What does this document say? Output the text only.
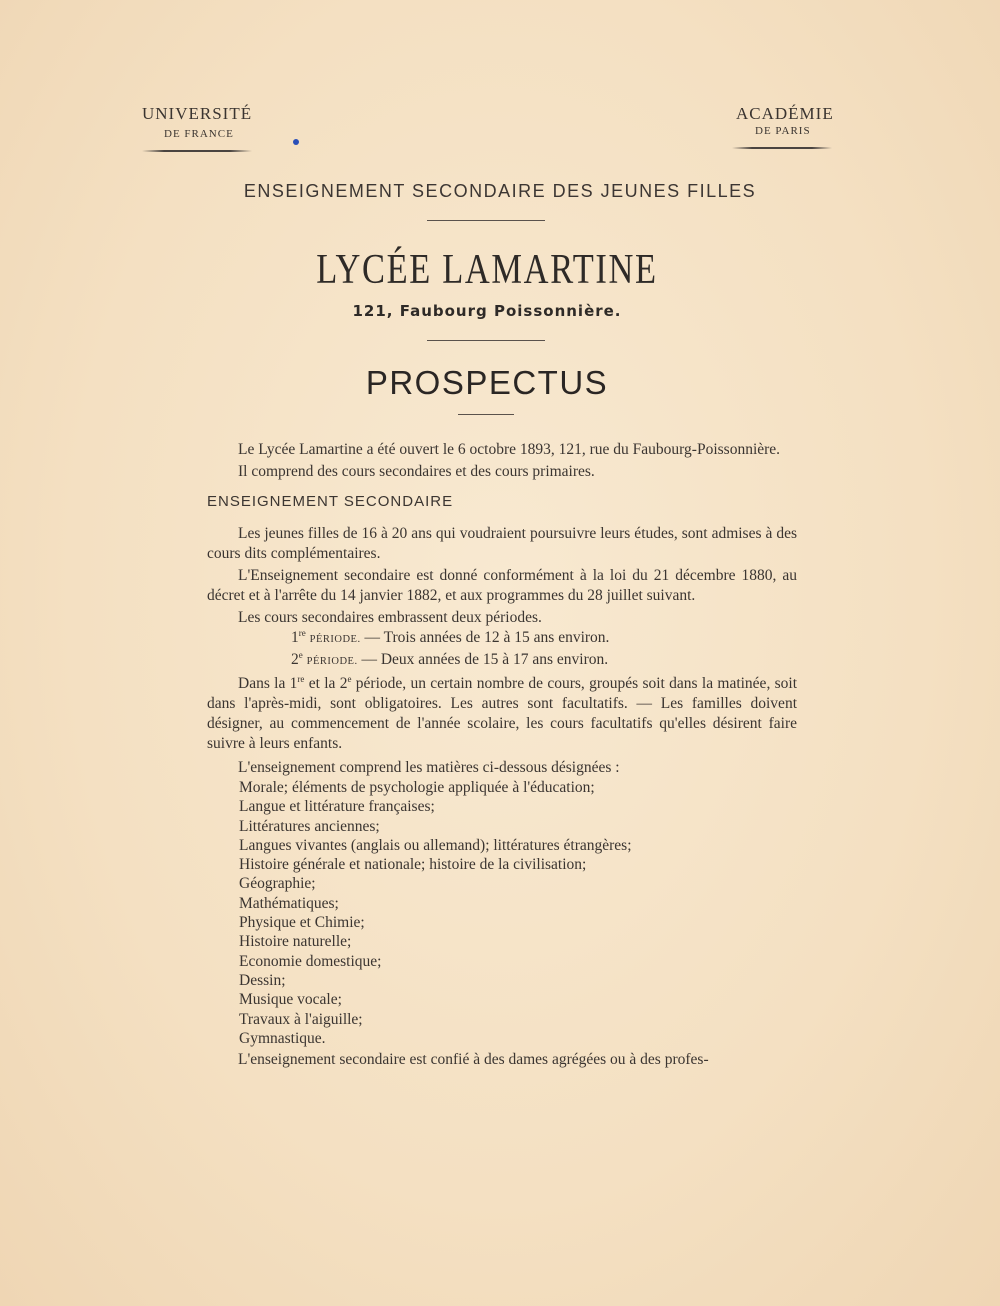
UNIVERSITÉ
DE FRANCE
ACADÉMIE
DE PARIS
ENSEIGNEMENT SECONDAIRE DES JEUNES FILLES
LYCÉE LAMARTINE
121, Faubourg Poissonnière.
PROSPECTUS

Le Lycée Lamartine a été ouvert le 6 octobre 1893, 121, rue du Faubourg-Poissonnière.

Il comprend des cours secondaires et des cours primaires.

ENSEIGNEMENT SECONDAIRE

Les jeunes filles de 16 à 20 ans qui voudraient poursuivre leurs études, sont admises à des cours dits complémentaires.

L'Enseignement secondaire est donné conformément à la loi du 21 décembre 1880, au décret et à l'arrête du 14 janvier 1882, et aux programmes du 28 juillet suivant.

Les cours secondaires embrassent deux périodes.

1re PÉRIODE. — Trois années de 12 à 15 ans environ.

2e PÉRIODE. — Deux années de 15 à 17 ans environ.

Dans la 1re et la 2e période, un certain nombre de cours, groupés soit dans la matinée, soit dans l'après-midi, sont obligatoires. Les autres sont facultatifs. — Les familles doivent désigner, au commencement de l'année scolaire, les cours facultatifs qu'elles désirent faire suivre à leurs enfants.

L'enseignement comprend les matières ci-dessous désignées :

Morale; éléments de psychologie appliquée à l'éducation;
Langue et littérature françaises;
Littératures anciennes;
Langues vivantes (anglais ou allemand); littératures étrangères;
Histoire générale et nationale; histoire de la civilisation;
Géographie;
Mathématiques;
Physique et Chimie;
Histoire naturelle;
Economie domestique;
Dessin;
Musique vocale;
Travaux à l'aiguille;
Gymnastique.

L'enseignement secondaire est confié à des dames agrégées ou à des profes-
